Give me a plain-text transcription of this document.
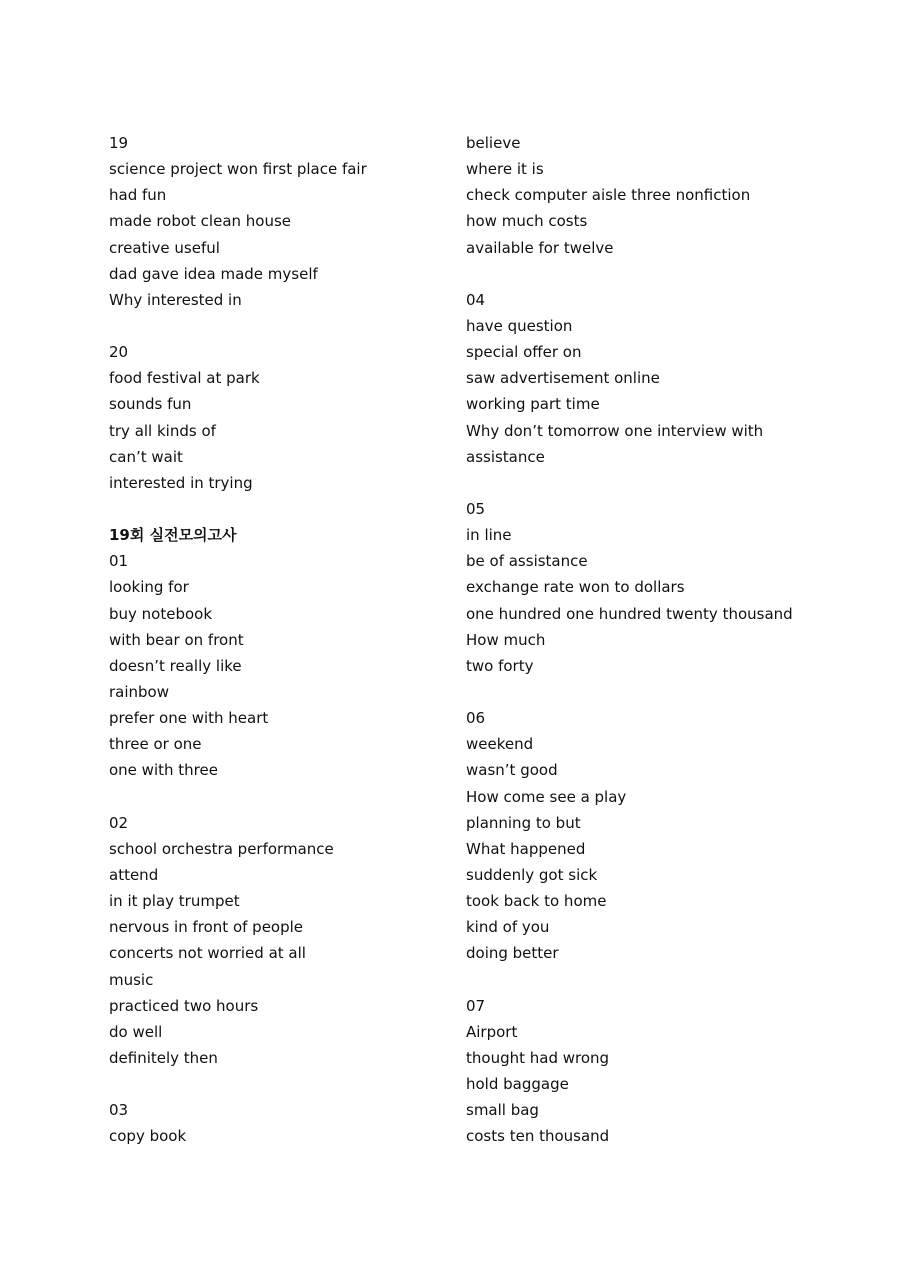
19
science project won first place fair
had fun
made robot clean house
creative useful
dad gave idea made myself
Why interested in
20
food festival at park
sounds fun
try all kinds of
can’t wait
interested in trying
19회 실전모의고사
01
looking for
buy notebook
with bear on front
doesn’t really like
rainbow
prefer one with heart
three or one
one with three
02
school orchestra performance
attend
in it play trumpet
nervous in front of people
concerts not worried at all
music
practiced two hours
do well
definitely then
03
copy book
believe
where it is
check computer aisle three nonfiction
how much costs
available for twelve
04
have question
special offer on
saw advertisement online
working part time
Why don’t tomorrow one interview with
assistance
05
in line
be of assistance
exchange rate won to dollars
one hundred one hundred twenty thousand
How much
two forty
06
weekend
wasn’t good
How come see a play
planning to but
What happened
suddenly got sick
took back to home
kind of you
doing better
07
Airport
thought had wrong
hold baggage
small bag
costs ten thousand
